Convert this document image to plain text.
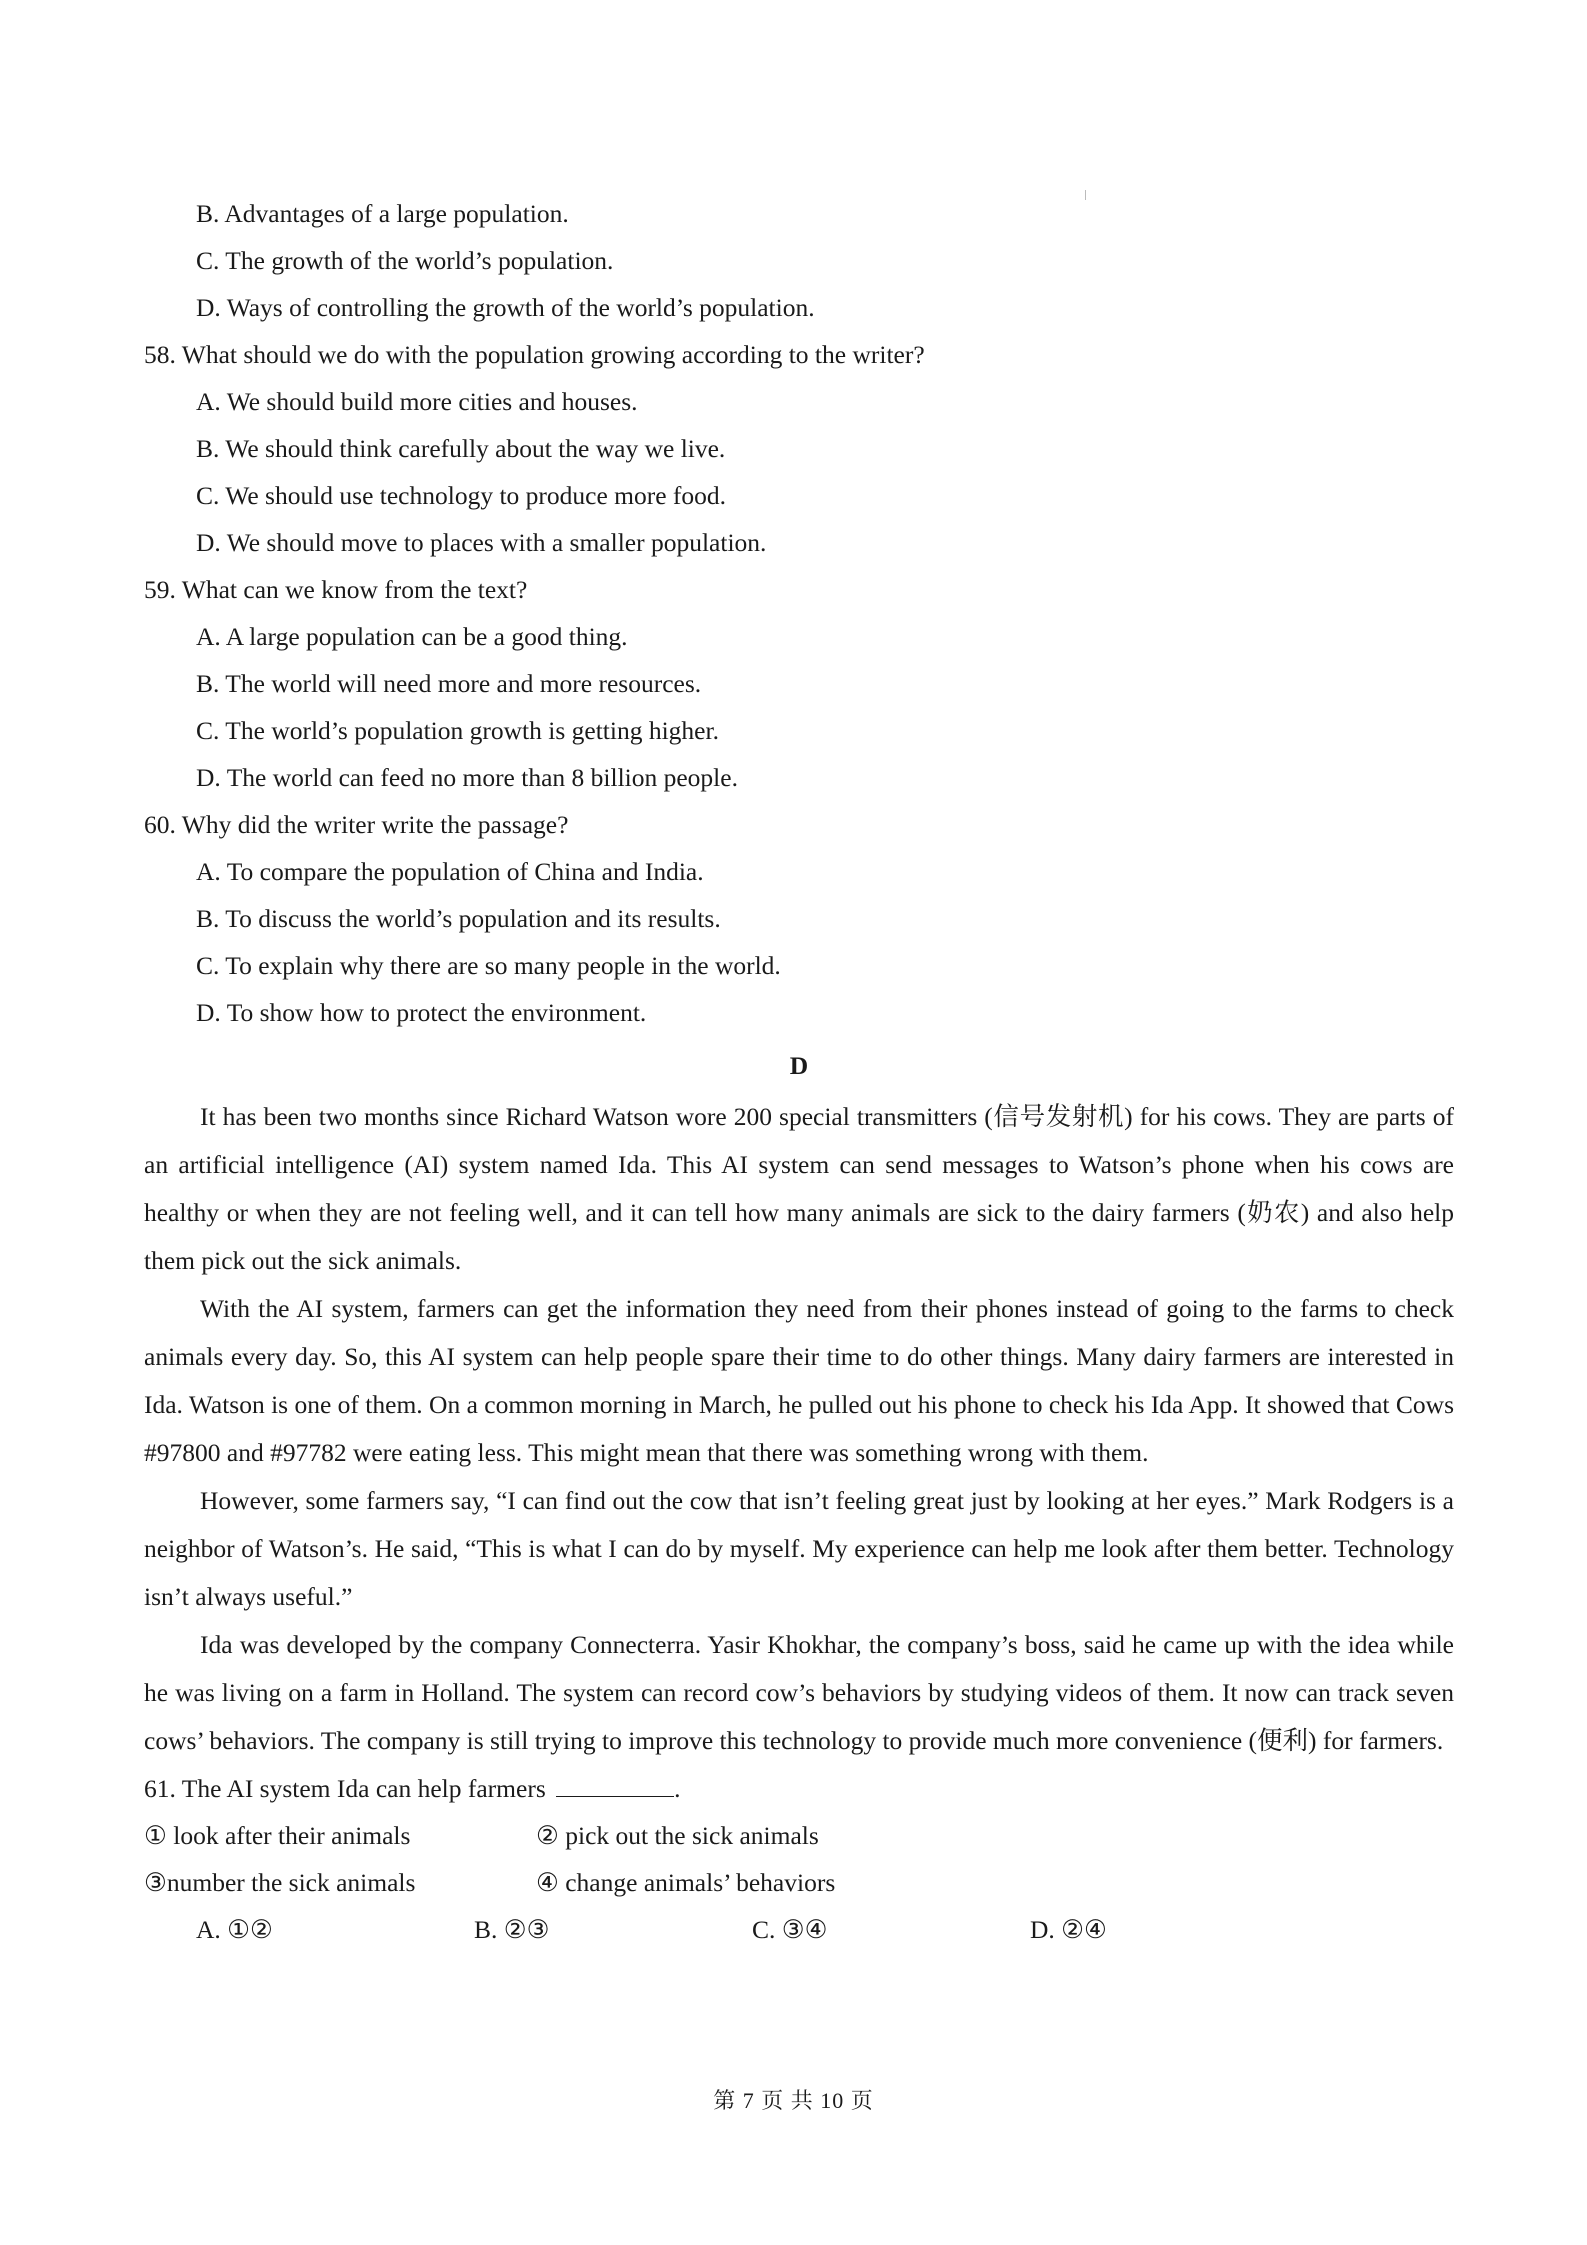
B. Advantages of a large population.
C. The growth of the world’s population.
D. Ways of controlling the growth of the world’s population.
58. What should we do with the population growing according to the writer?
A. We should build more cities and houses.
B. We should think carefully about the way we live.
C. We should use technology to produce more food.
D. We should move to places with a smaller population.
59. What can we know from the text?
A. A large population can be a good thing.
B. The world will need more and more resources.
C. The world’s population growth is getting higher.
D. The world can feed no more than 8 billion people.
60. Why did the writer write the passage?
A. To compare the population of China and India.
B. To discuss the world’s population and its results.
C. To explain why there are so many people in the world.
D. To show how to protect the environment.
D

It has been two months since Richard Watson wore 200 special transmitters (信号发射机) for his cows. They are parts of an artificial intelligence (AI) system named Ida. This AI system can send messages to Watson’s phone when his cows are healthy or when they are not feeling well, and it can tell how many animals are sick to the dairy farmers (奶农) and also help them pick out the sick animals.

With the AI system, farmers can get the information they need from their phones instead of going to the farms to check animals every day. So, this AI system can help people spare their time to do other things. Many dairy farmers are interested in Ida. Watson is one of them. On a common morning in March, he pulled out his phone to check his Ida App. It showed that Cows #97800 and #97782 were eating less. This might mean that there was something wrong with them.

However, some farmers say, “I can find out the cow that isn’t feeling great just by looking at her eyes.” Mark Rodgers is a neighbor of Watson’s. He said, “This is what I can do by myself. My experience can help me look after them better. Technology isn’t always useful.”

Ida was developed by the company Connecterra. Yasir Khokhar, the company’s boss, said he came up with the idea while he was living on a farm in Holland. The system can record cow’s behaviors by studying videos of them. It now can track seven cows’ behaviors. The company is still trying to improve this technology to provide much more convenience (便利) for farmers.

61. The AI system Ida can help farmers	.
① look after their animals	② pick out the sick animals
③number the sick animals	④ change animals’ behaviors
A. ①②	B. ②③	C. ③④	D. ②④
第 7 页 共 10 页
